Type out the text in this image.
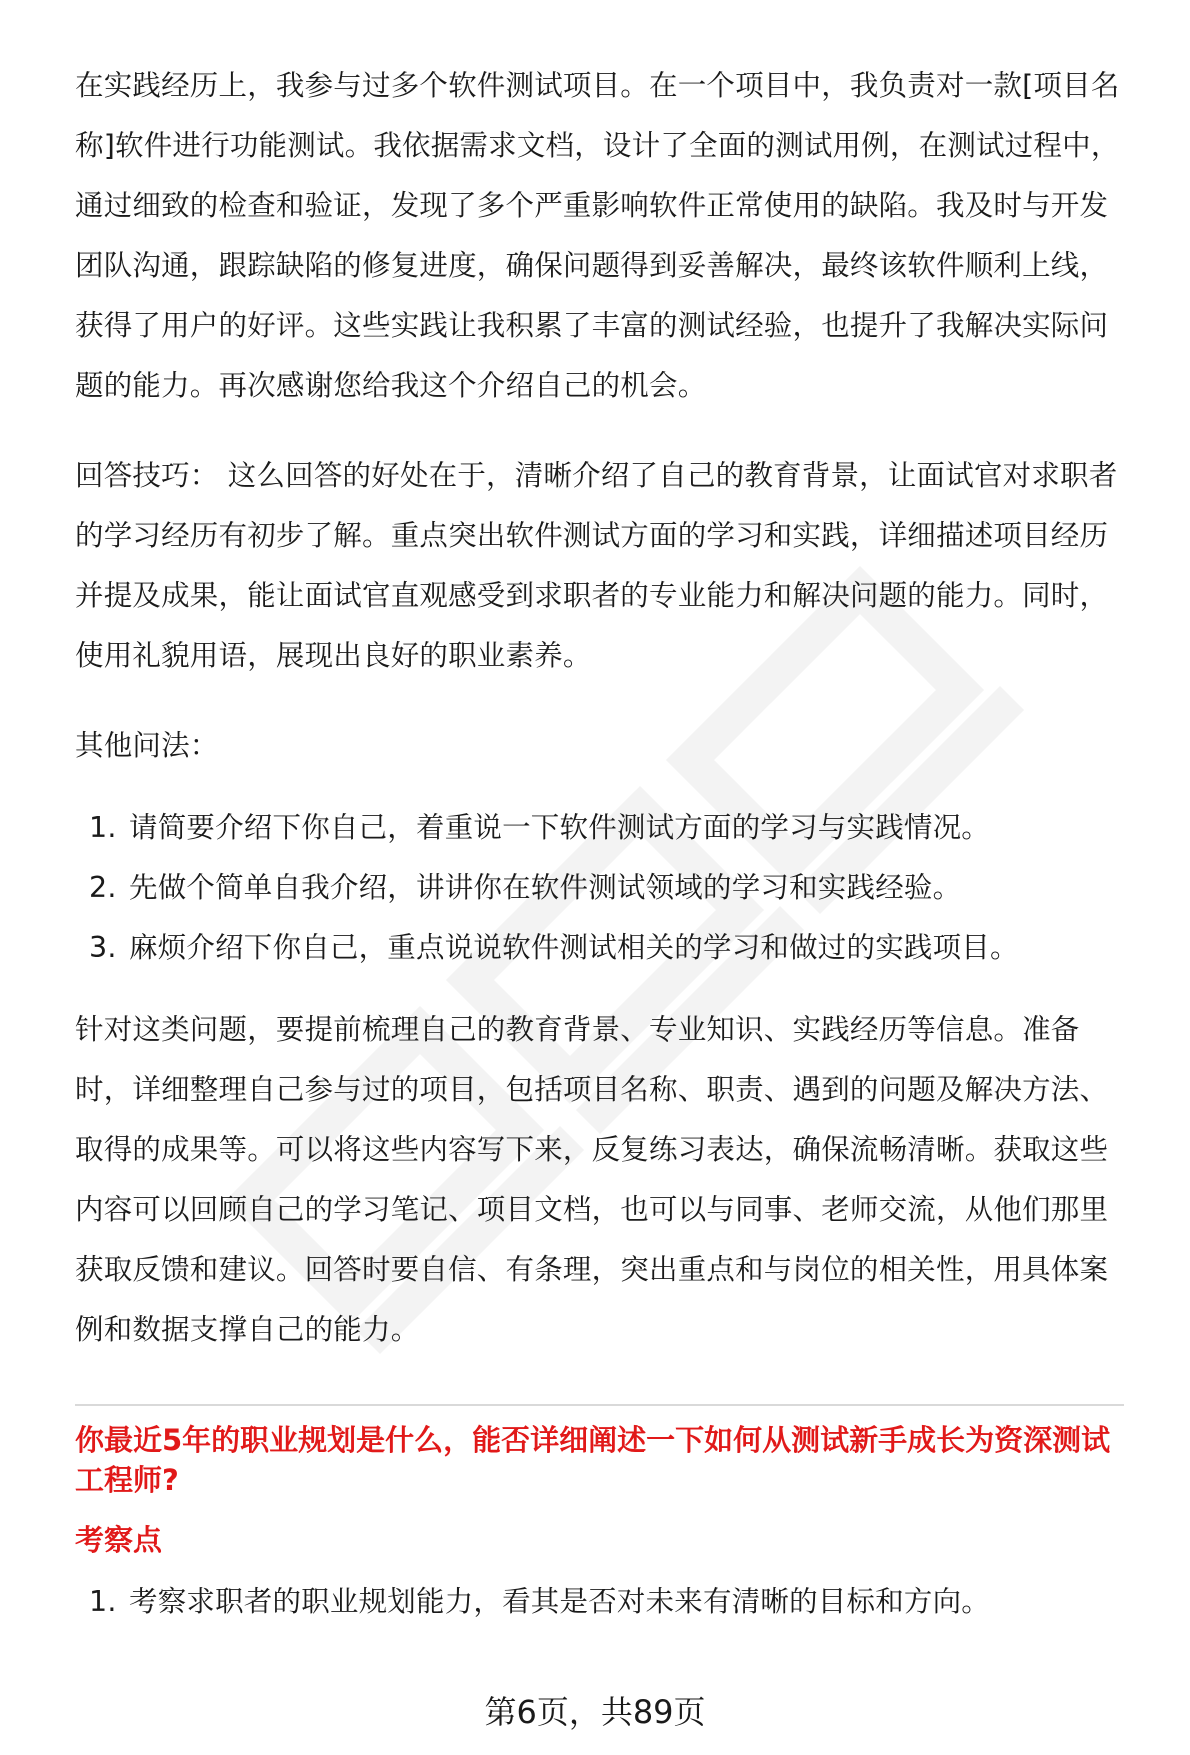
在实践经历上，我参与过多个软件测试项目。在一个项目中，我负责对一款[项目名称]软件进行功能测试。我依据需求文档，设计了全面的测试用例，在测试过程中，通过细致的检查和验证，发现了多个严重影响软件正常使用的缺陷。我及时与开发团队沟通，跟踪缺陷的修复进度，确保问题得到妥善解决，最终该软件顺利上线，获得了用户的好评。这些实践让我积累了丰富的测试经验，也提升了我解决实际问题的能力。再次感谢您给我这个介绍自己的机会。

回答技巧： 这么回答的好处在于，清晰介绍了自己的教育背景，让面试官对求职者的学习经历有初步了解。重点突出软件测试方面的学习和实践，详细描述项目经历并提及成果，能让面试官直观感受到求职者的专业能力和解决问题的能力。同时，使用礼貌用语，展现出良好的职业素养。

其他问法：

1. 请简要介绍下你自己，着重说一下软件测试方面的学习与实践情况。
2. 先做个简单自我介绍，讲讲你在软件测试领域的学习和实践经验。
3. 麻烦介绍下你自己，重点说说软件测试相关的学习和做过的实践项目。

针对这类问题，要提前梳理自己的教育背景、专业知识、实践经历等信息。准备时，详细整理自己参与过的项目，包括项目名称、职责、遇到的问题及解决方法、取得的成果等。可以将这些内容写下来，反复练习表达，确保流畅清晰。获取这些内容可以回顾自己的学习笔记、项目文档，也可以与同事、老师交流，从他们那里获取反馈和建议。回答时要自信、有条理，突出重点和与岗位的相关性，用具体案例和数据支撑自己的能力。

你最近5年的职业规划是什么，能否详细阐述一下如何从测试新手成长为资深测试工程师?

考察点

1. 考察求职者的职业规划能力，看其是否对未来有清晰的目标和方向。
第6页，共89页
